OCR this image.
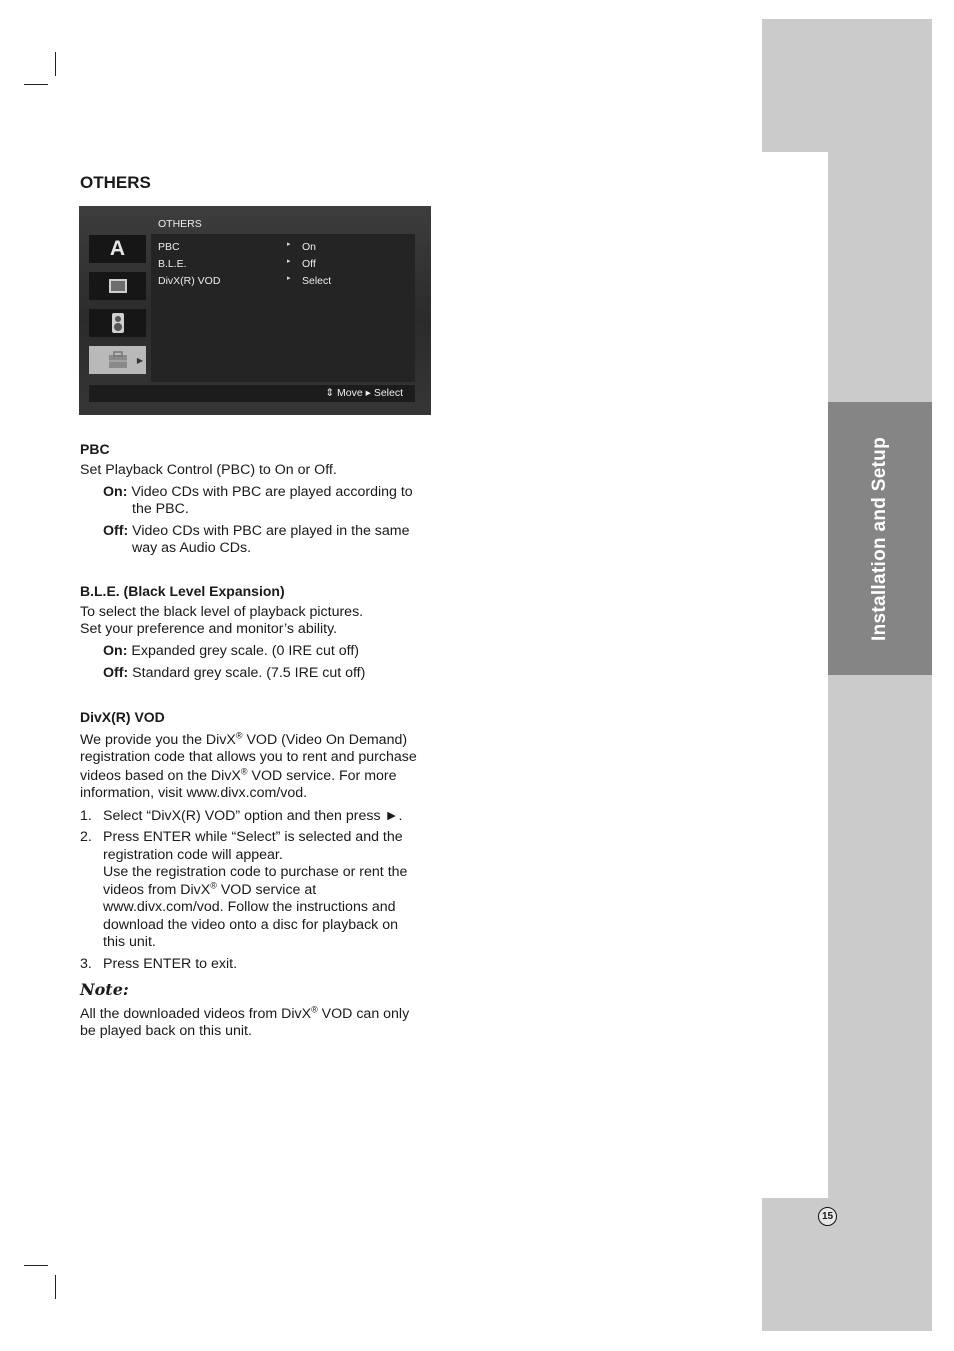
Installation and Setup
15
OTHERS
OTHERS
A
▶
PBC	▸ On
B.L.E.	▸ Off
DivX(R) VOD	▸ Select
⇕ Move ▸ Select
PBC
Set Playback Control (PBC) to On or Off.
On: Video CDs with PBC are played according to
the PBC.
Off: Video CDs with PBC are played in the same
way as Audio CDs.
B.L.E. (Black Level Expansion)
To select the black level of playback pictures.
Set your preference and monitor’s ability.
On: Expanded grey scale. (0 IRE cut off)
Off: Standard grey scale. (7.5 IRE cut off)
DivX(R) VOD
We provide you the DivX® VOD (Video On Demand)
registration code that allows you to rent and purchase
videos based on the DivX® VOD service. For more
information, visit www.divx.com/vod.
1. Select “DivX(R) VOD” option and then press ►.
2. Press ENTER while “Select” is selected and the
registration code will appear.
Use the registration code to purchase or rent the
videos from DivX® VOD service at
www.divx.com/vod. Follow the instructions and
download the video onto a disc for playback on
this unit.
3. Press ENTER to exit.
Note:
All the downloaded videos from DivX® VOD can only
be played back on this unit.
